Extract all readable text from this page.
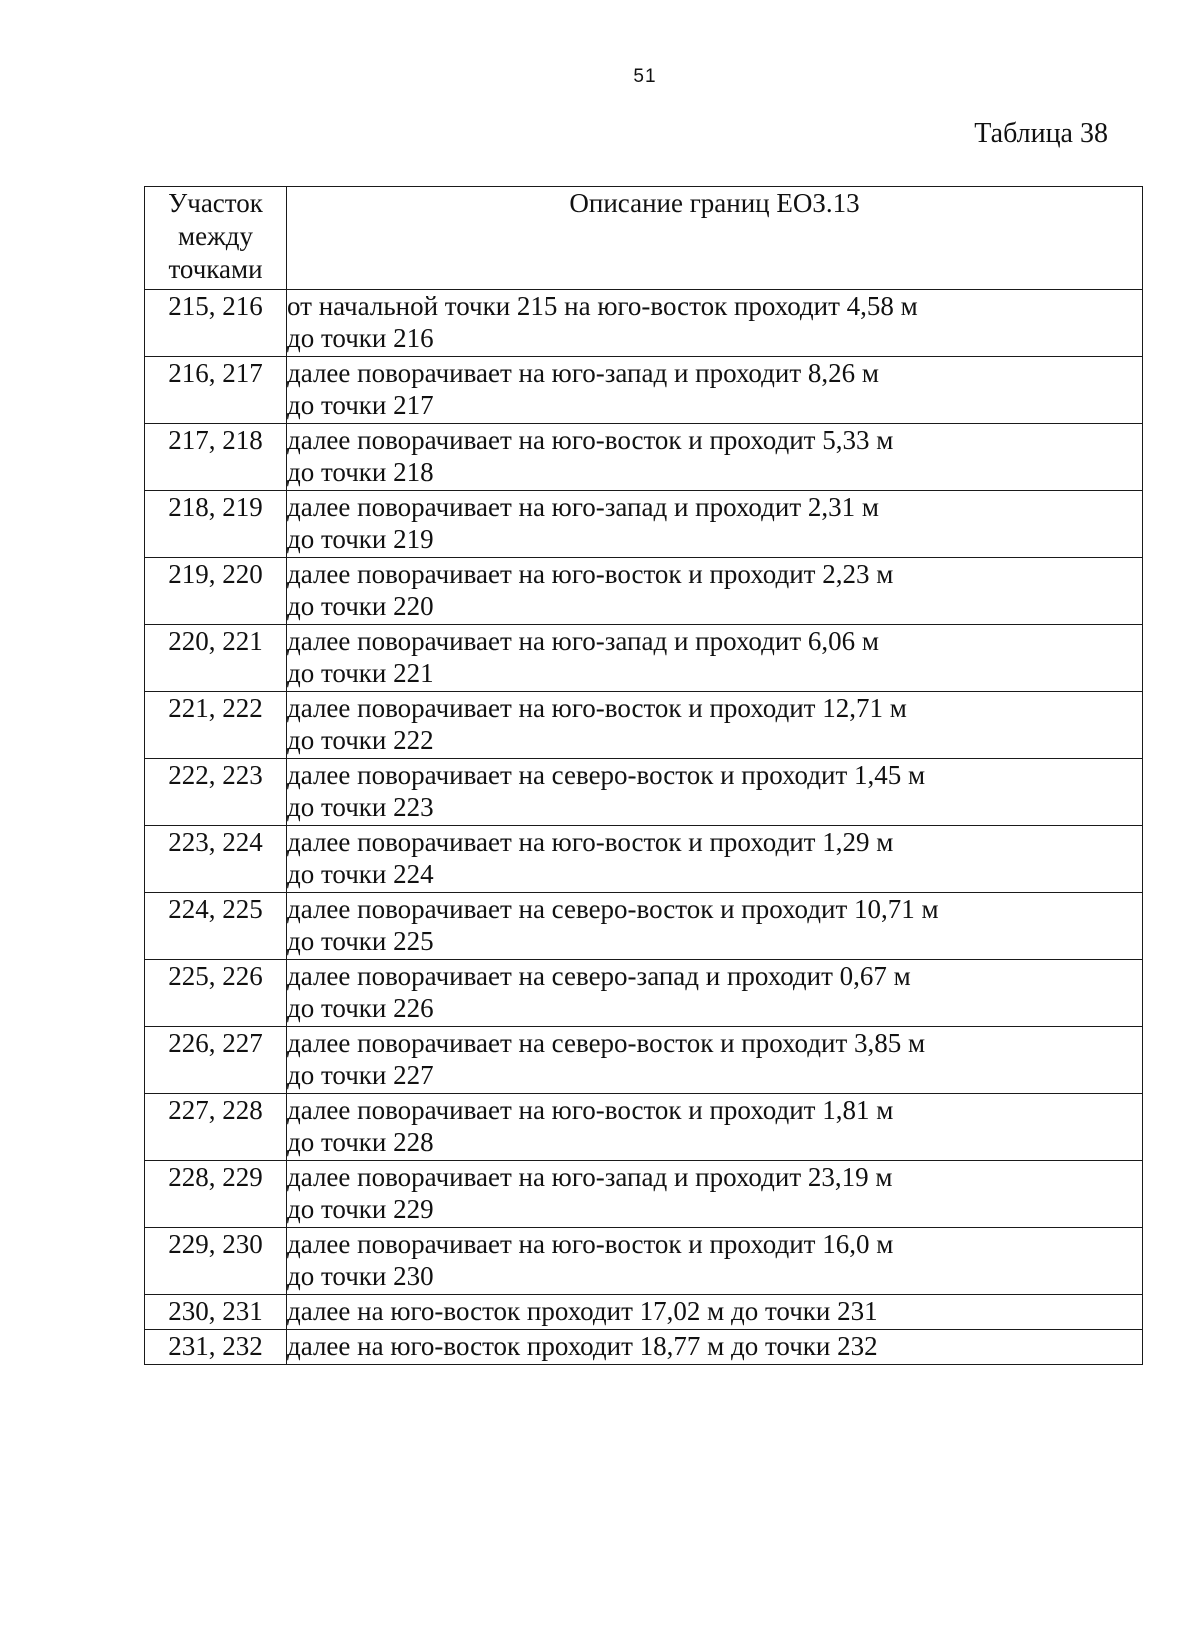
51
Таблица 38
Участок
между
точками	Описание границ ЕОЗ.13
215, 216	от начальной точки 215 на юго-восток проходит 4,58 м
до точки 216

216, 217	далее поворачивает на юго-запад и проходит 8,26 м
до точки 217

217, 218	далее поворачивает на юго-восток и проходит 5,33 м
до точки 218

218, 219	далее поворачивает на юго-запад и проходит 2,31 м
до точки 219

219, 220	далее поворачивает на юго-восток и проходит 2,23 м
до точки 220

220, 221	далее поворачивает на юго-запад и проходит 6,06 м
до точки 221

221, 222	далее поворачивает на юго-восток и проходит 12,71 м
до точки 222

222, 223	далее поворачивает на северо-восток и проходит 1,45 м
до точки 223

223, 224	далее поворачивает на юго-восток и проходит 1,29 м
до точки 224

224, 225	далее поворачивает на северо-восток и проходит 10,71 м
до точки 225

225, 226	далее поворачивает на северо-запад и проходит 0,67 м
до точки 226

226, 227	далее поворачивает на северо-восток и проходит 3,85 м
до точки 227

227, 228	далее поворачивает на юго-восток и проходит 1,81 м
до точки 228

228, 229	далее поворачивает на юго-запад и проходит 23,19 м
до точки 229

229, 230	далее поворачивает на юго-восток и проходит 16,0 м
до точки 230

230, 231	далее на юго-восток проходит 17,02 м до точки 231

231, 232	далее на юго-восток проходит 18,77 м до точки 232
